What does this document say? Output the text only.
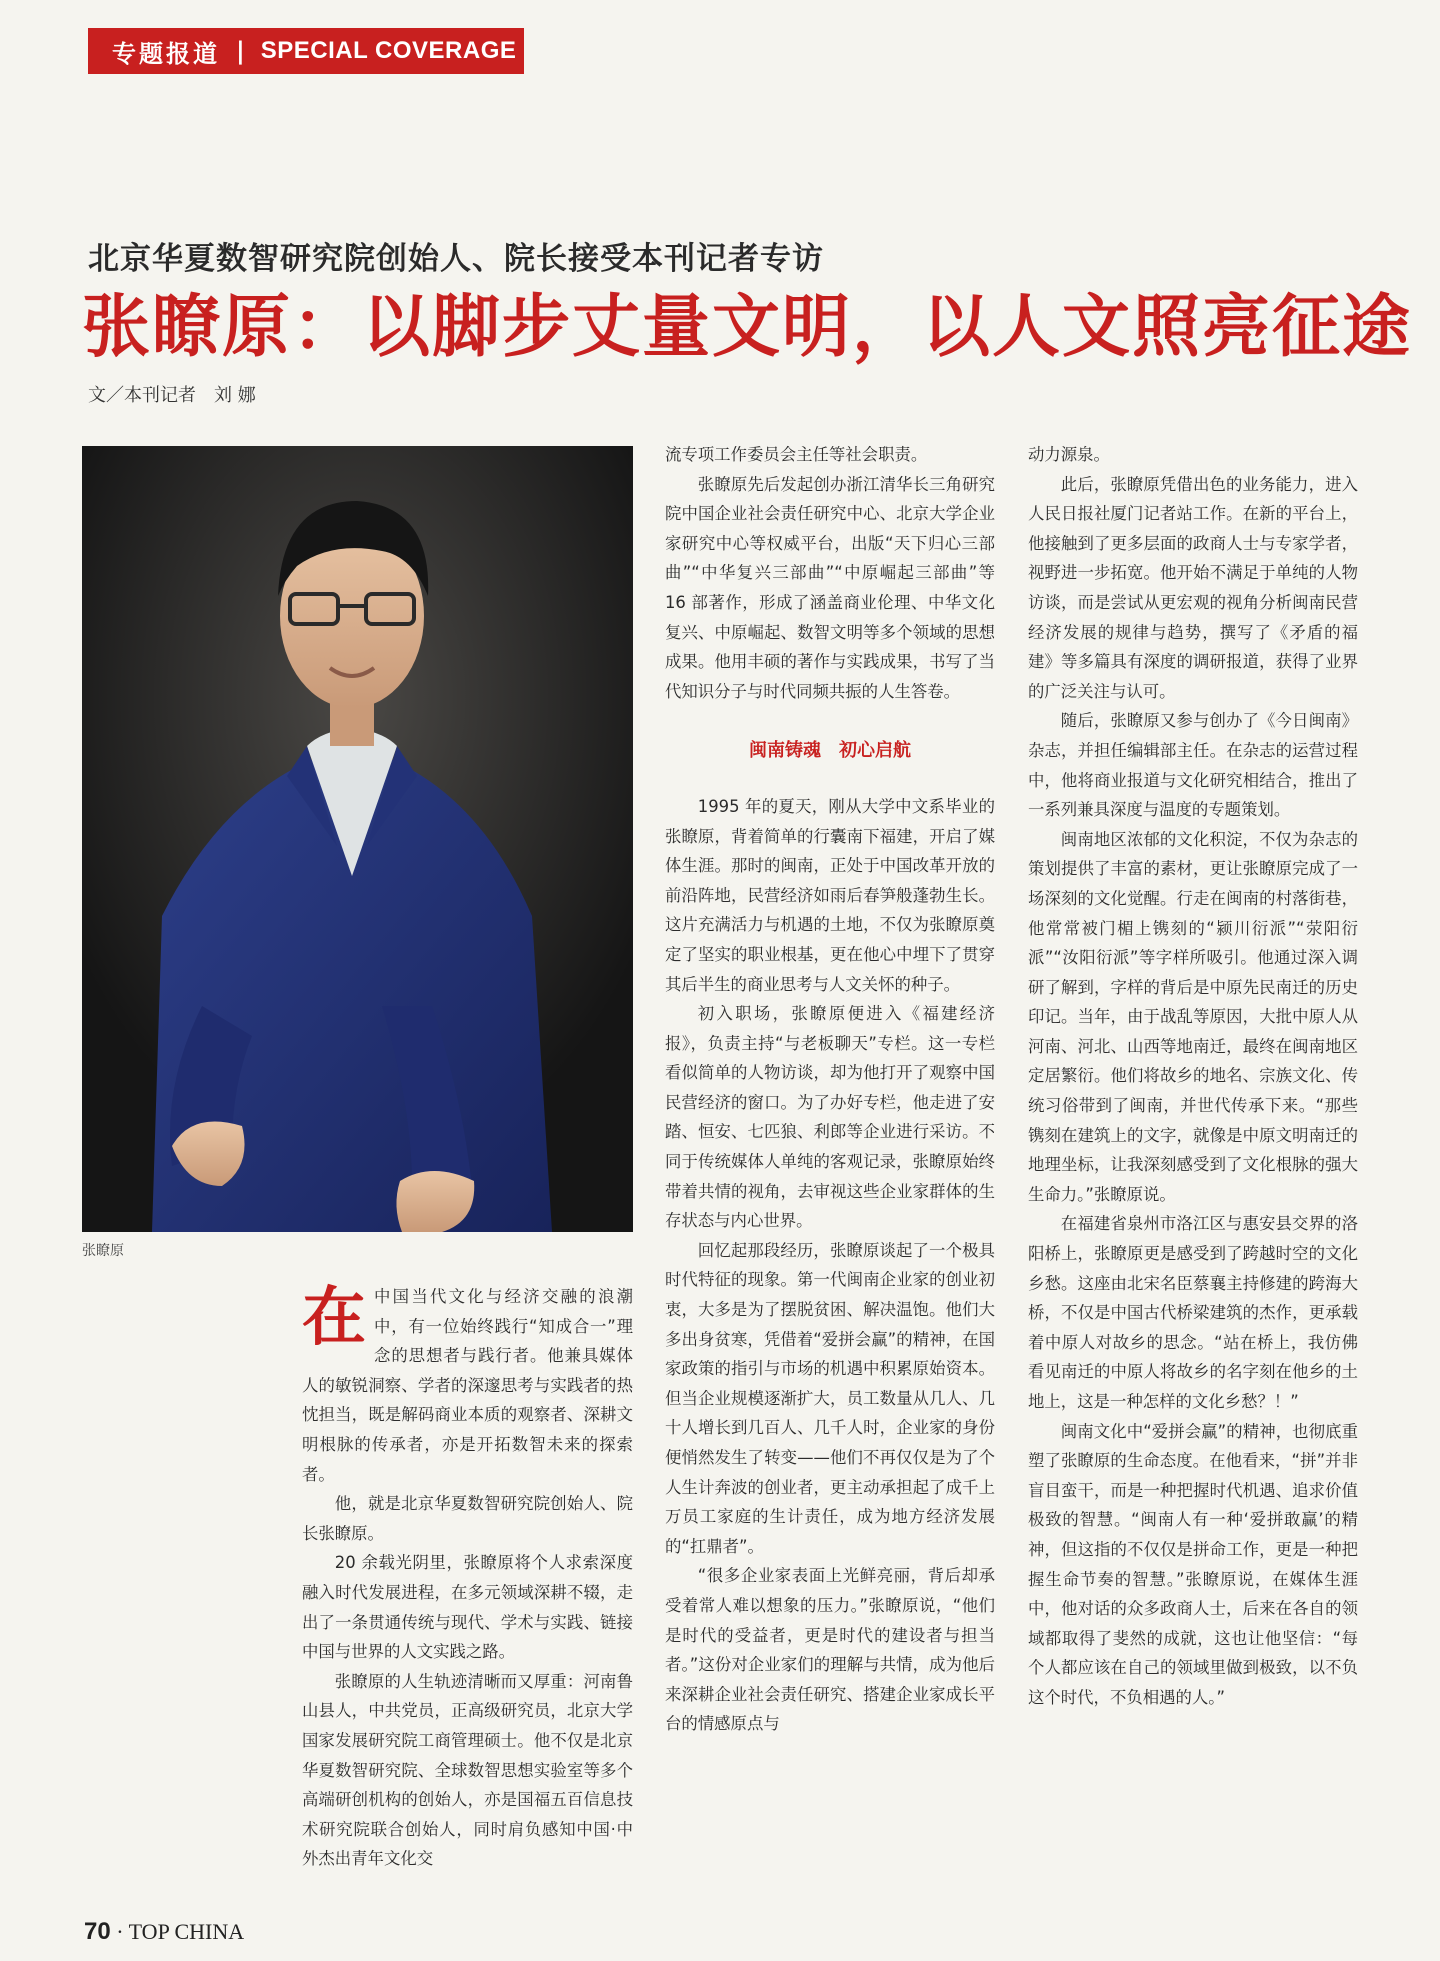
专题报道 | SPECIAL COVERAGE
北京华夏数智研究院创始人、院长接受本刊记者专访
张瞭原：以脚步丈量文明，以人文照亮征途

文／本刊记者　刘 娜

张瞭原

在 中国当代文化与经济交融的浪潮中，有一位始终践行“知成合一”理念的思想者与践行者。他兼具媒体人的敏锐洞察、学者的深邃思考与实践者的热忱担当，既是解码商业本质的观察者、深耕文明根脉的传承者，亦是开拓数智未来的探索者。

他，就是北京华夏数智研究院创始人、院长张瞭原。

20 余载光阴里，张瞭原将个人求索深度融入时代发展进程，在多元领域深耕不辍，走出了一条贯通传统与现代、学术与实践、链接中国与世界的人文实践之路。

张瞭原的人生轨迹清晰而又厚重：河南鲁山县人，中共党员，正高级研究员，北京大学国家发展研究院工商管理硕士。他不仅是北京华夏数智研究院、全球数智思想实验室等多个高端研创机构的创始人，亦是国福五百信息技术研究院联合创始人，同时肩负感知中国·中外杰出青年文化交

流专项工作委员会主任等社会职责。

张瞭原先后发起创办浙江清华长三角研究院中国企业社会责任研究中心、北京大学企业家研究中心等权威平台，出版“天下归心三部曲”“中华复兴三部曲”“中原崛起三部曲”等 16 部著作，形成了涵盖商业伦理、中华文化复兴、中原崛起、数智文明等多个领域的思想成果。他用丰硕的著作与实践成果，书写了当代知识分子与时代同频共振的人生答卷。

闽南铸魂　初心启航

1995 年的夏天，刚从大学中文系毕业的张瞭原，背着简单的行囊南下福建，开启了媒体生涯。那时的闽南，正处于中国改革开放的前沿阵地，民营经济如雨后春笋般蓬勃生长。这片充满活力与机遇的土地，不仅为张瞭原奠定了坚实的职业根基，更在他心中埋下了贯穿其后半生的商业思考与人文关怀的种子。

初入职场，张瞭原便进入《福建经济报》，负责主持“与老板聊天”专栏。这一专栏看似简单的人物访谈，却为他打开了观察中国民营经济的窗口。为了办好专栏，他走进了安踏、恒安、七匹狼、利郎等企业进行采访。不同于传统媒体人单纯的客观记录，张瞭原始终带着共情的视角，去审视这些企业家群体的生存状态与内心世界。

回忆起那段经历，张瞭原谈起了一个极具时代特征的现象。第一代闽南企业家的创业初衷，大多是为了摆脱贫困、解决温饱。他们大多出身贫寒，凭借着“爱拼会赢”的精神，在国家政策的指引与市场的机遇中积累原始资本。但当企业规模逐渐扩大，员工数量从几人、几十人增长到几百人、几千人时，企业家的身份便悄然发生了转变——他们不再仅仅是为了个人生计奔波的创业者，更主动承担起了成千上万员工家庭的生计责任，成为地方经济发展的“扛鼎者”。

“很多企业家表面上光鲜亮丽，背后却承受着常人难以想象的压力。”张瞭原说，“他们是时代的受益者，更是时代的建设者与担当者。”这份对企业家们的理解与共情，成为他后来深耕企业社会责任研究、搭建企业家成长平台的情感原点与

动力源泉。

此后，张瞭原凭借出色的业务能力，进入人民日报社厦门记者站工作。在新的平台上，他接触到了更多层面的政商人士与专家学者，视野进一步拓宽。他开始不满足于单纯的人物访谈，而是尝试从更宏观的视角分析闽南民营经济发展的规律与趋势，撰写了《矛盾的福建》等多篇具有深度的调研报道，获得了业界的广泛关注与认可。

随后，张瞭原又参与创办了《今日闽南》杂志，并担任编辑部主任。在杂志的运营过程中，他将商业报道与文化研究相结合，推出了一系列兼具深度与温度的专题策划。

闽南地区浓郁的文化积淀，不仅为杂志的策划提供了丰富的素材，更让张瞭原完成了一场深刻的文化觉醒。行走在闽南的村落街巷，他常常被门楣上镌刻的“颍川衍派”“荥阳衍派”“汝阳衍派”等字样所吸引。他通过深入调研了解到，字样的背后是中原先民南迁的历史印记。当年，由于战乱等原因，大批中原人从河南、河北、山西等地南迁，最终在闽南地区定居繁衍。他们将故乡的地名、宗族文化、传统习俗带到了闽南，并世代传承下来。“那些镌刻在建筑上的文字，就像是中原文明南迁的地理坐标，让我深刻感受到了文化根脉的强大生命力。”张瞭原说。

在福建省泉州市洛江区与惠安县交界的洛阳桥上，张瞭原更是感受到了跨越时空的文化乡愁。这座由北宋名臣蔡襄主持修建的跨海大桥，不仅是中国古代桥梁建筑的杰作，更承载着中原人对故乡的思念。“站在桥上，我仿佛看见南迁的中原人将故乡的名字刻在他乡的土地上，这是一种怎样的文化乡愁？！”

闽南文化中“爱拼会赢”的精神，也彻底重塑了张瞭原的生命态度。在他看来，“拼”并非盲目蛮干，而是一种把握时代机遇、追求价值极致的智慧。“闽南人有一种‘爱拼敢赢’的精神，但这指的不仅仅是拼命工作，更是一种把握生命节奏的智慧。”张瞭原说，在媒体生涯中，他对话的众多政商人士，后来在各自的领域都取得了斐然的成就，这也让他坚信：“每个人都应该在自己的领域里做到极致，以不负这个时代，不负相遇的人。”

70 · TOP CHINA
